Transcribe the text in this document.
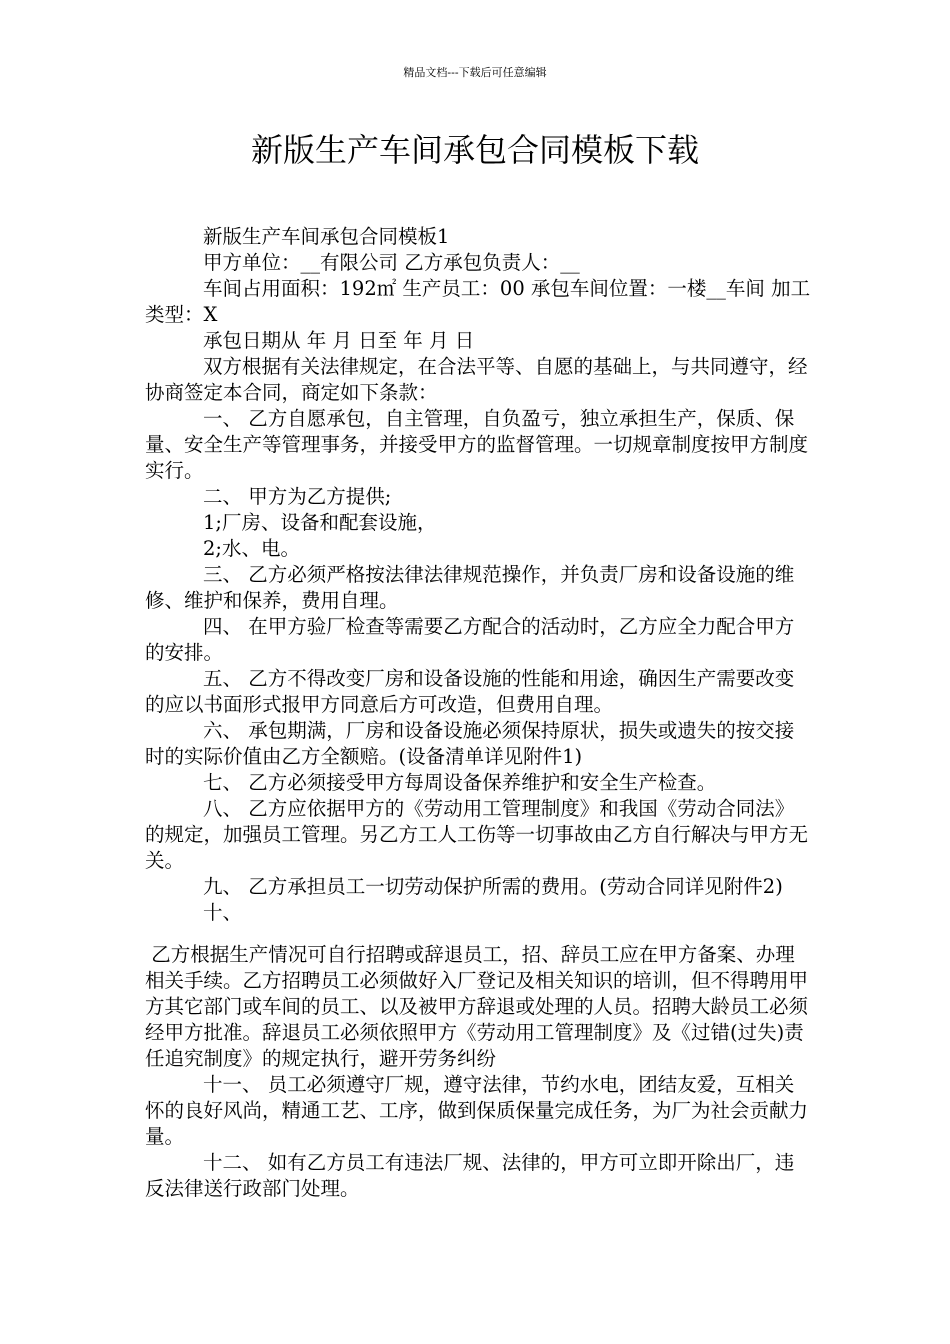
精品文档---下载后可任意编辑
新版生产车间承包合同模板下载

新版生产车间承包合同模板1

甲方单位：__有限公司 乙方承包负责人：__

车间占用面积：192㎡ 生产员工：00 承包车间位置：一楼__车间 加工类型：X

承包日期从 年 月 日至 年 月 日

双方根据有关法律规定，在合法平等、自愿的基础上，与共同遵守，经协商签定本合同，商定如下条款：

一、 乙方自愿承包，自主管理，自负盈亏，独立承担生产，保质、保量、安全生产等管理事务，并接受甲方的监督管理。一切规章制度按甲方制度实行。

二、 甲方为乙方提供;

1;厂房、设备和配套设施，

2;水、电。

三、 乙方必须严格按法律法律规范操作，并负责厂房和设备设施的维修、维护和保养，费用自理。

四、 在甲方验厂检查等需要乙方配合的活动时，乙方应全力配合甲方的安排。

五、 乙方不得改变厂房和设备设施的性能和用途，确因生产需要改变的应以书面形式报甲方同意后方可改造，但费用自理。

六、 承包期满，厂房和设备设施必须保持原状，损失或遗失的按交接时的实际价值由乙方全额赔。(设备清单详见附件1)

七、 乙方必须接受甲方每周设备保养维护和安全生产检查。

八、 乙方应依据甲方的《劳动用工管理制度》和我国《劳动合同法》的规定，加强员工管理。另乙方工人工伤等一切事故由乙方自行解决与甲方无关。

九、 乙方承担员工一切劳动保护所需的费用。(劳动合同详见附件2)

十、

乙方根据生产情况可自行招聘或辞退员工，招、辞员工应在甲方备案、办理相关手续。乙方招聘员工必须做好入厂登记及相关知识的培训，但不得聘用甲方其它部门或车间的员工、以及被甲方辞退或处理的人员。招聘大龄员工必须经甲方批准。辞退员工必须依照甲方《劳动用工管理制度》及《过错(过失)责任追究制度》的规定执行，避开劳务纠纷

十一、 员工必须遵守厂规，遵守法律，节约水电，团结友爱，互相关怀的良好风尚，精通工艺、工序，做到保质保量完成任务，为厂为社会贡献力量。

十二、 如有乙方员工有违法厂规、法律的，甲方可立即开除出厂，违反法律送行政部门处理。
